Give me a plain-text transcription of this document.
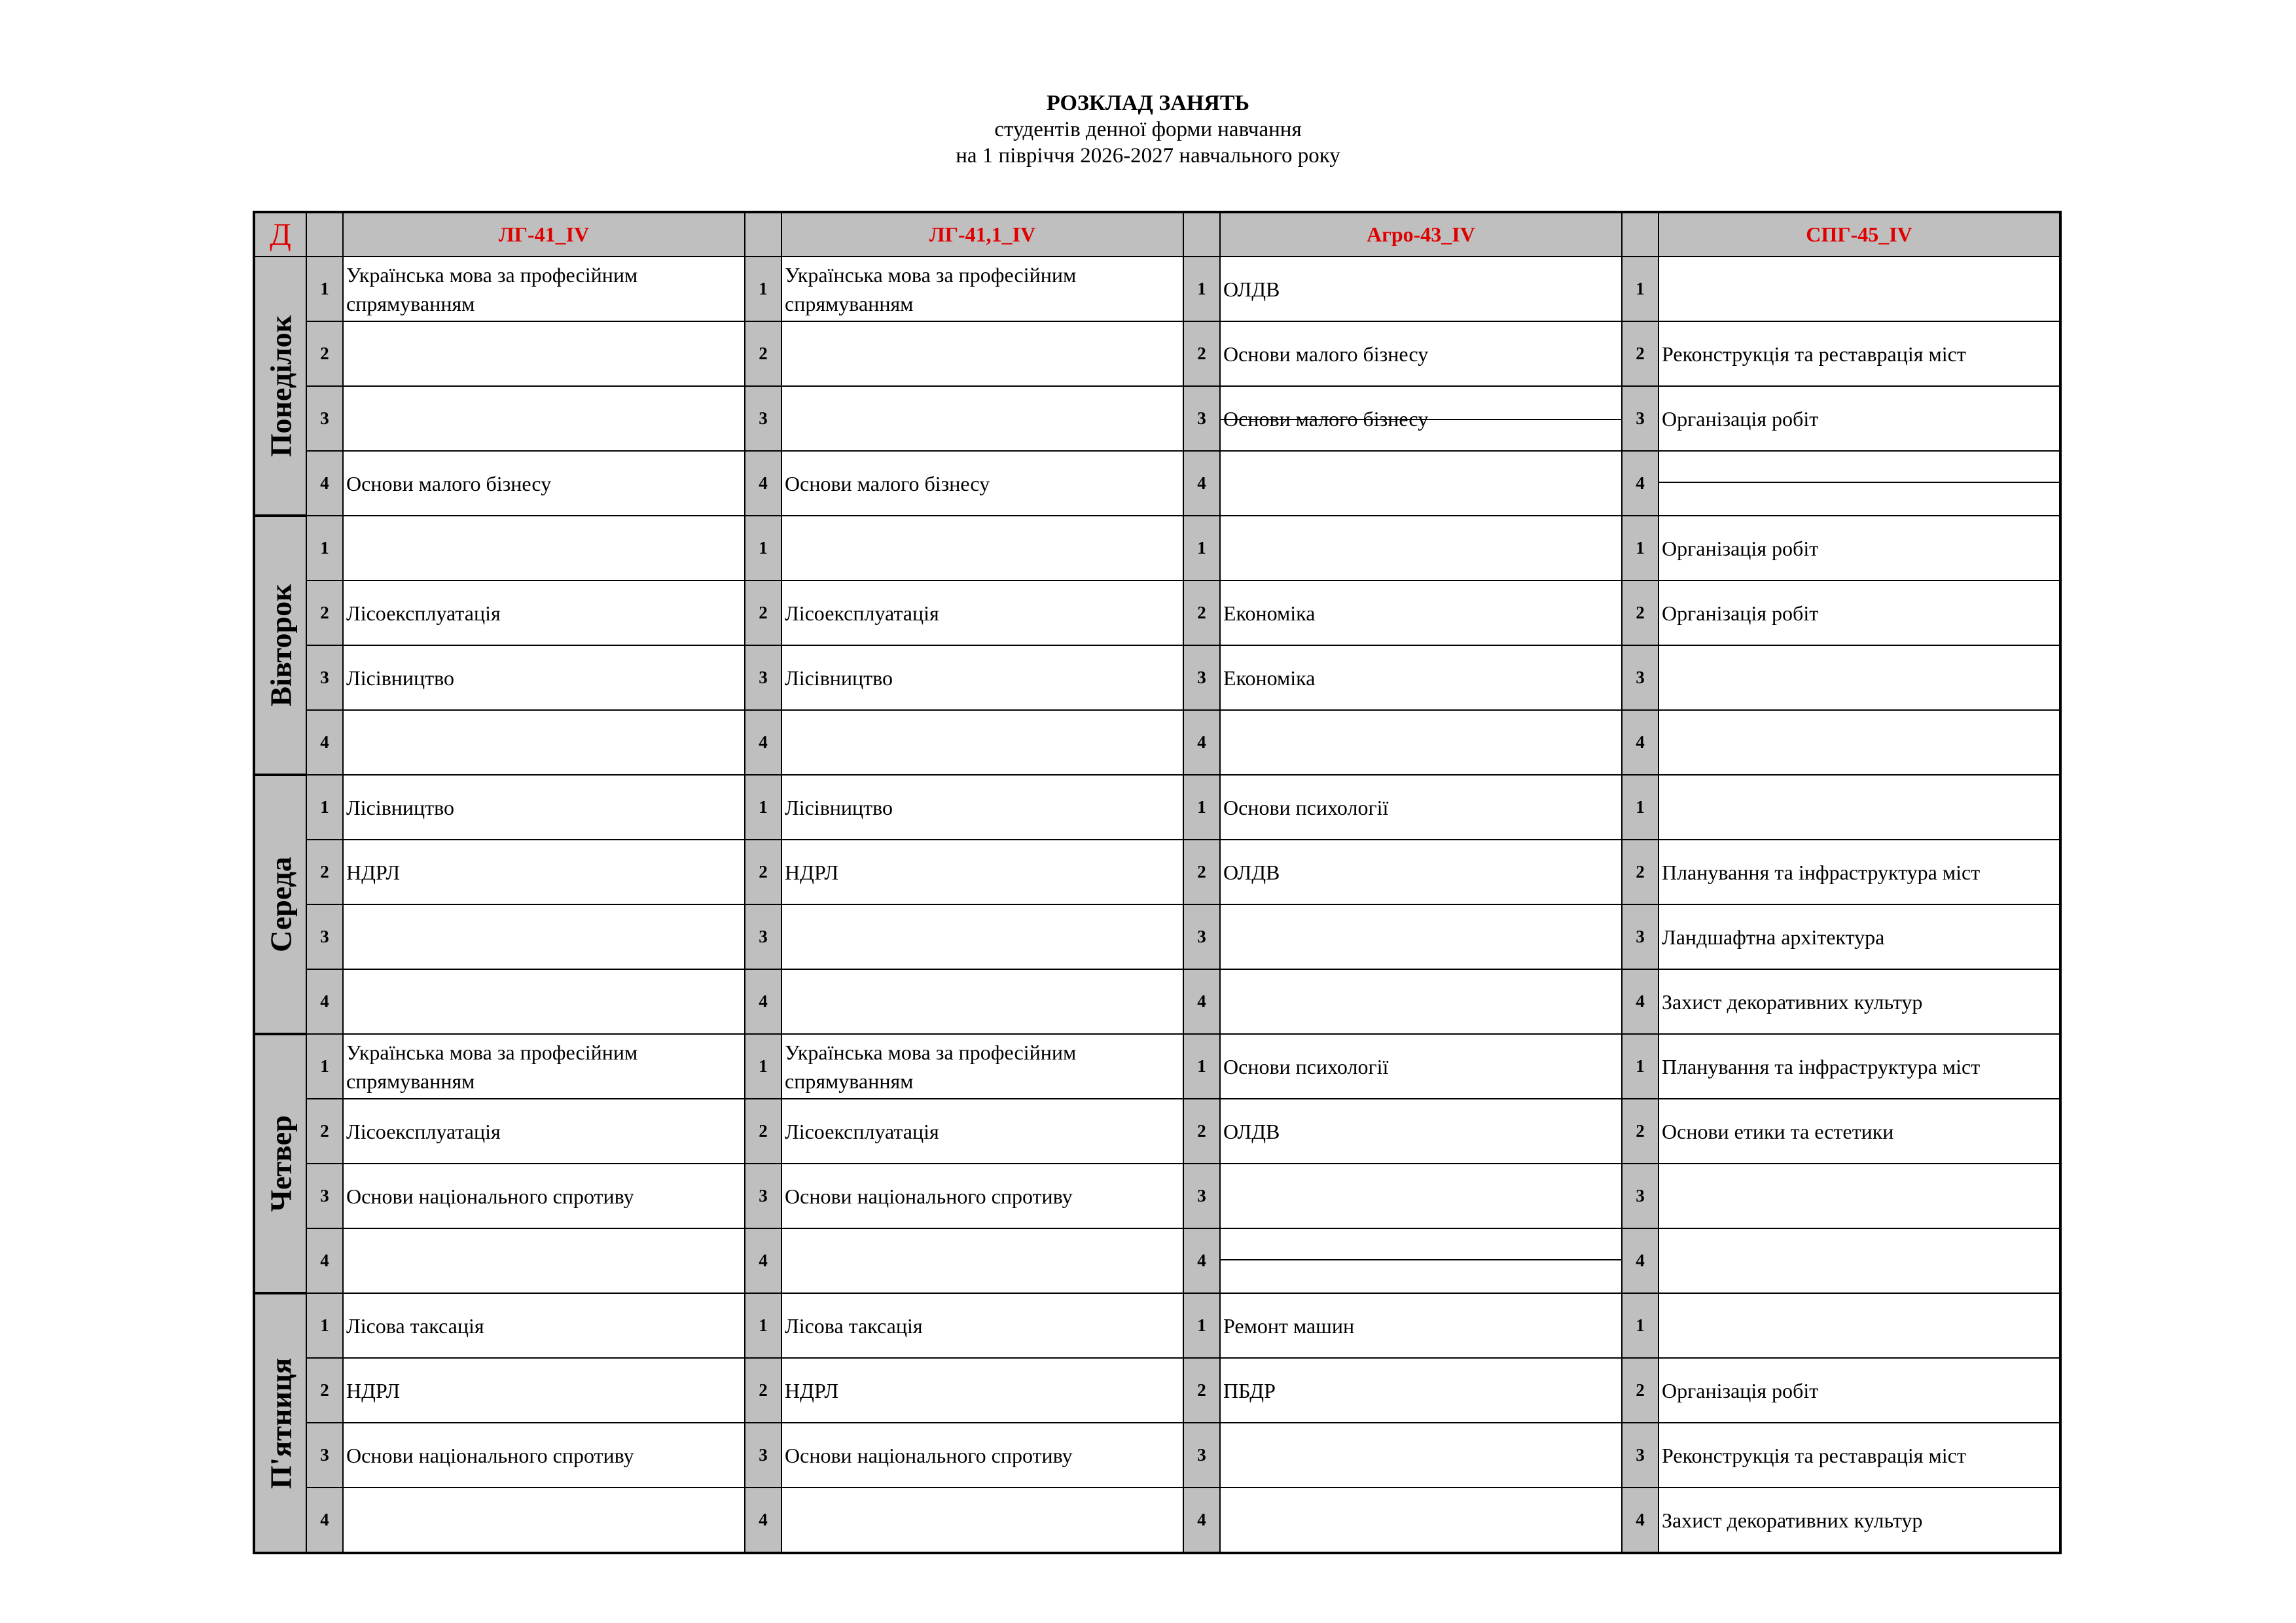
РОЗКЛАД ЗАНЯТЬ
студентів денної форми навчання
на 1 півріччя 2026-2027 навчального року
Д		ЛГ-41_IV		ЛГ-41,1_IV		Агро-43_IV		СПГ-45_IV

Понеділок	1	Українська мова за професійним спрямуванням	1	Українська мова за професійним спрямуванням	1	ОЛДВ	1	
	2		2		2	Основи малого бізнесу	2	Реконструкція та реставрація міст
	3		3		3	Основи малого бізнесу	3	Організація робіт
	4	Основи малого бізнесу	4	Основи малого бізнесу	4		4	

Вівторок	1		1		1		1	Організація робіт
	2	Лісоексплуатація	2	Лісоексплуатація	2	Економіка	2	Організація робіт
	3	Лісівництво	3	Лісівництво	3	Економіка	3	
	4		4		4		4	

Середа	1	Лісівництво	1	Лісівництво	1	Основи психології	1	
	2	НДРЛ	2	НДРЛ	2	ОЛДВ	2	Планування та інфраструктура міст
	3		3		3		3	Ландшафтна архітектура
	4		4		4		4	Захист декоративних культур

Четвер	1	Українська мова за професійним спрямуванням	1	Українська мова за професійним спрямуванням	1	Основи психології	1	Планування та інфраструктура міст
	2	Лісоексплуатація	2	Лісоексплуатація	2	ОЛДВ	2	Основи етики та естетики
	3	Основи національного спротиву	3	Основи національного спротиву	3		3	
	4		4		4		4	

П'ятниця	1	Лісова таксація	1	Лісова таксація	1	Ремонт машин	1	
	2	НДРЛ	2	НДРЛ	2	ПБДР	2	Організація робіт
	3	Основи національного спротиву	3	Основи національного спротиву	3		3	Реконструкція та реставрація міст
	4		4		4		4	Захист декоративних культур
